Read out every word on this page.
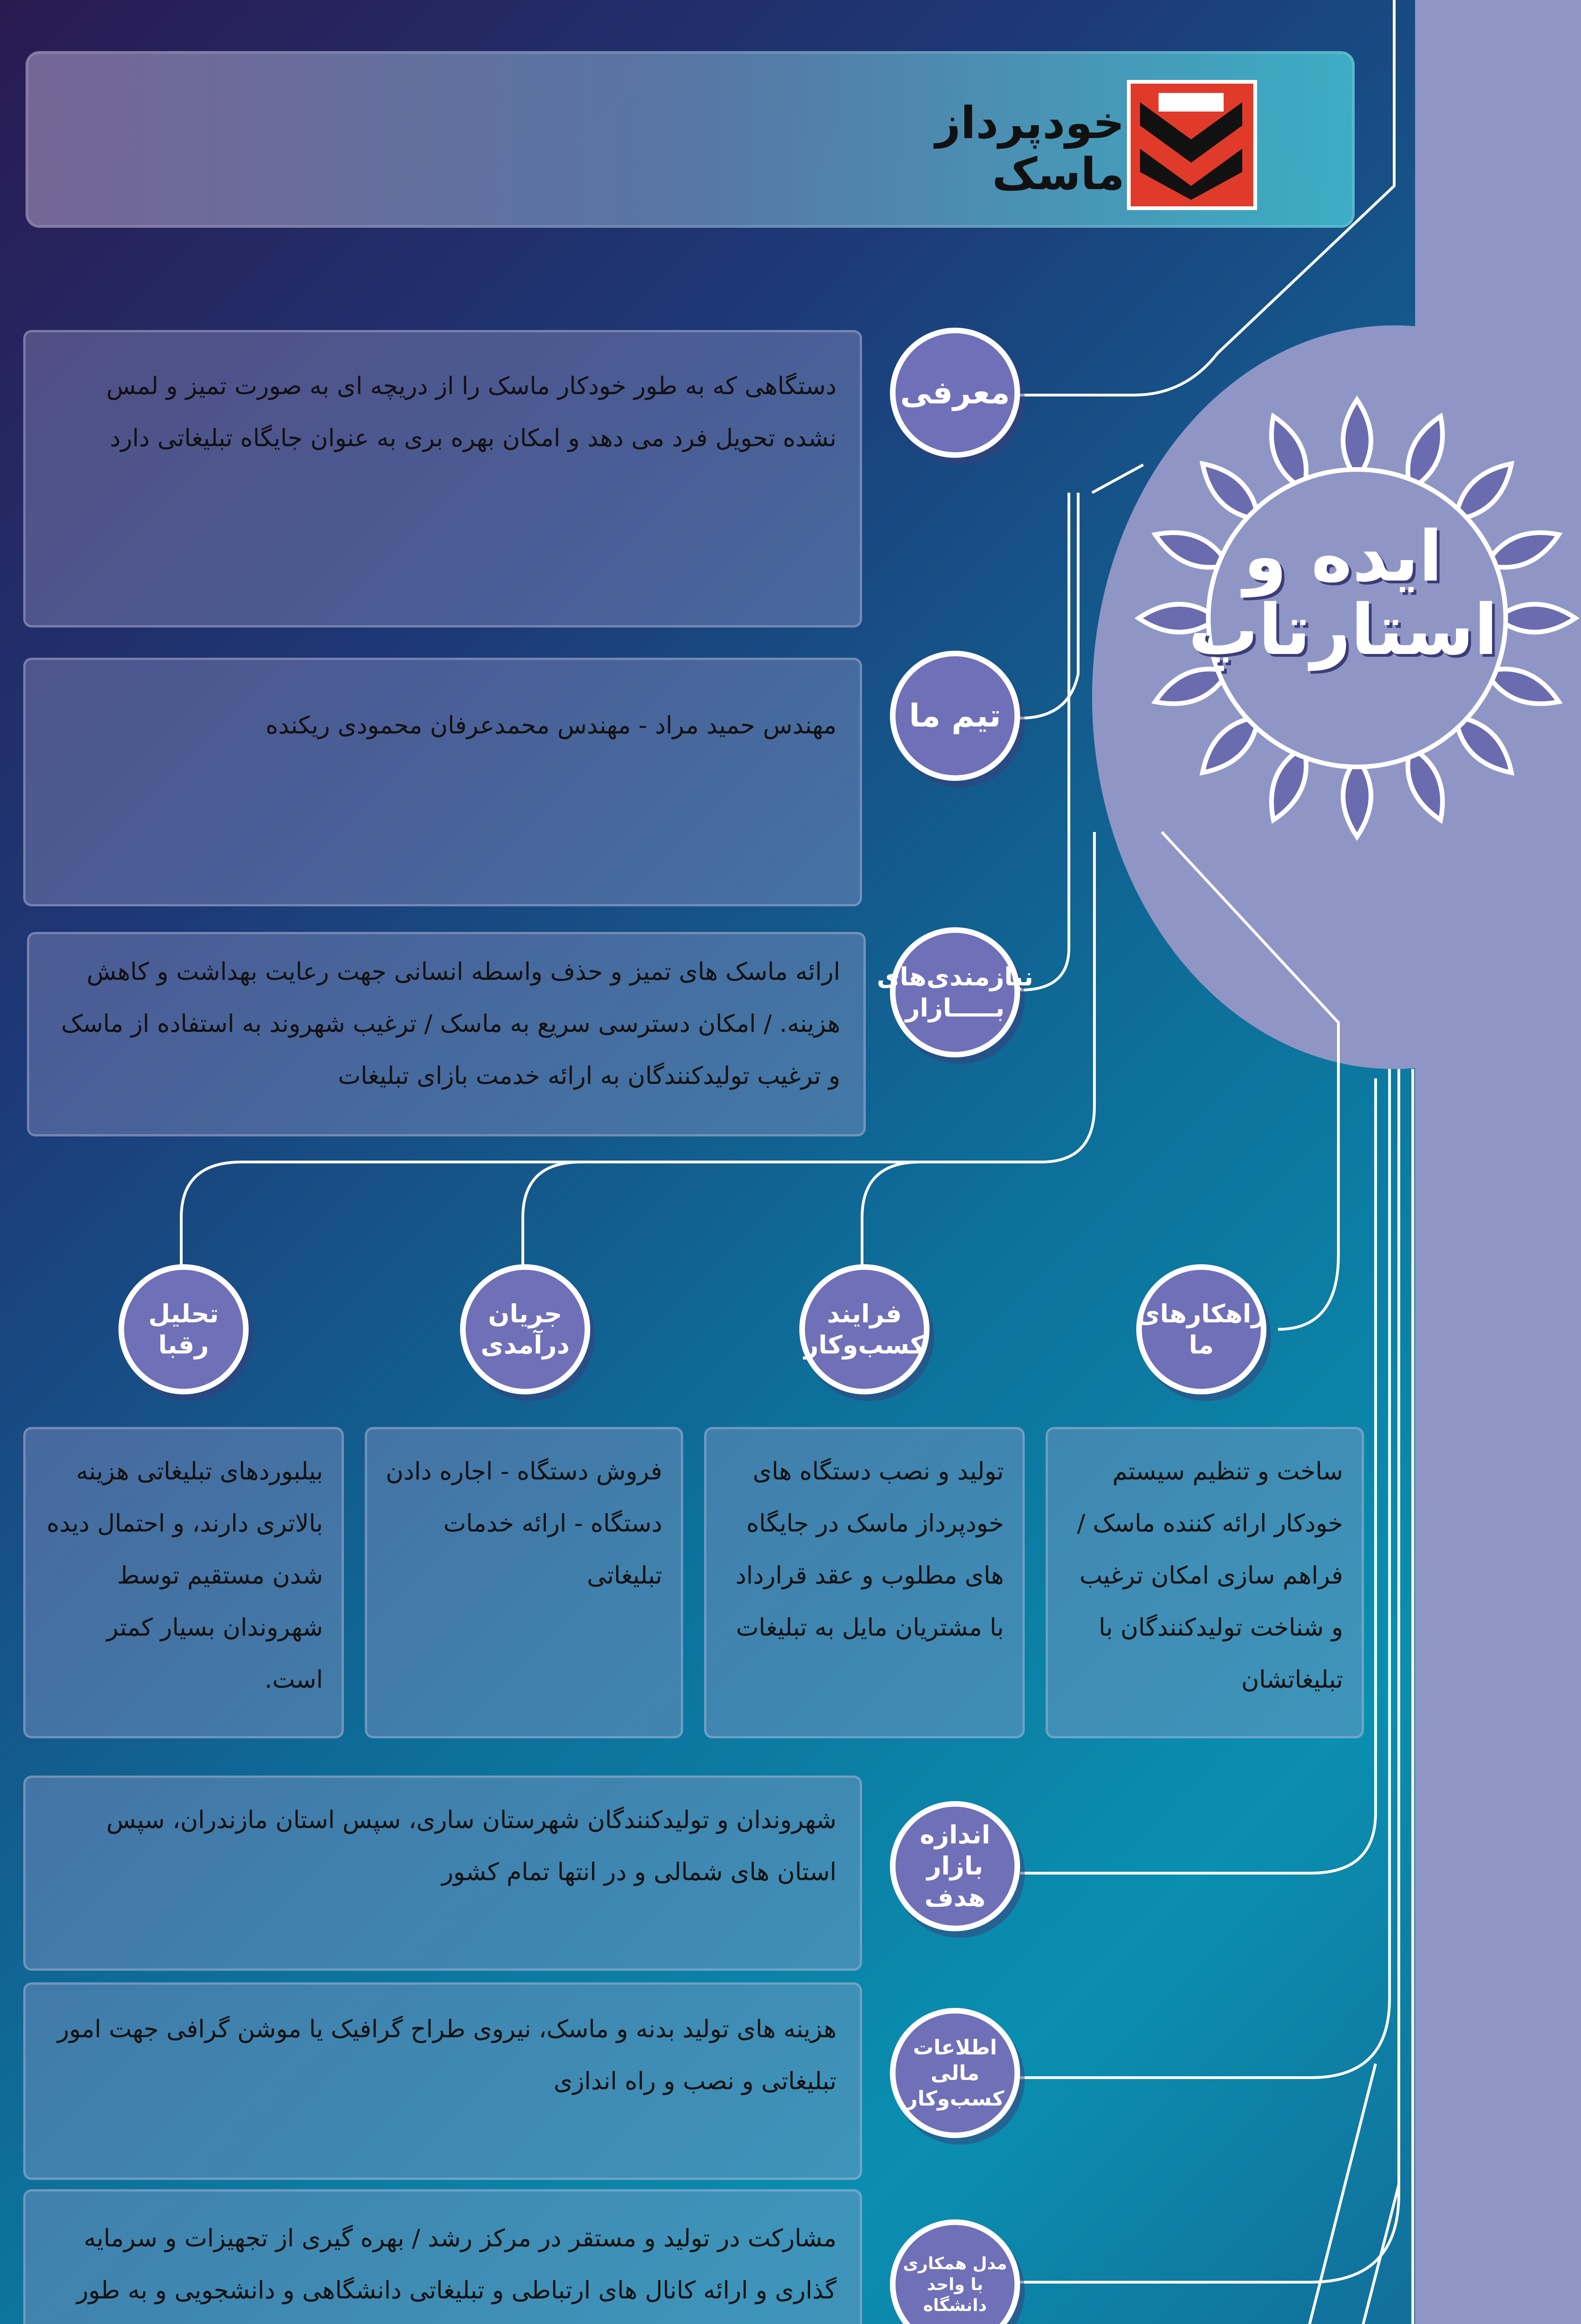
خودپرداز ماسک
ایده و
استارتاپ
دستگاهی که به طور خودکار ماسک را از دریچه ای به صورت تمیز و لمس نشده تحویل فرد می دهد و امکان بهره بری به عنوان جایگاه تبلیغاتی دارد
معرفی
مهندس حمید مراد - مهندس محمدعرفان محمودی ریکنده	تیم ما
ارائه ماسک های تمیز و حذف واسطه انسانی جهت رعایت بهداشت و کاهش هزینه. / امکان دسترسی سریع به ماسک / ترغیب شهروند به استفاده از ماسک و ترغیب تولیدکنندگان به ارائه خدمت بازای تبلیغات
نیازمندی‌های بـــــازار
راهکارهای ما
فرایند کسب‌وکار
جریان درآمدی
تحلیل رقبا
ساخت و تنظیم سیستم خودکار ارائه کننده ماسک / فراهم سازی امکان ترغیب و شناخت تولیدکنندگان با تبلیغاتشان
تولید و نصب دستگاه های خودپرداز ماسک در جایگاه های مطلوب و عقد قرارداد با مشتریان مایل به تبلیغات
فروش دستگاه - اجاره دادن دستگاه - ارائه خدمات تبلیغاتی
بیلبوردهای تبلیغاتی هزینه بالاتری دارند، و احتمال دیده شدن مستقیم توسط شهروندان بسیار کمتر است.
شهروندان و تولیدکنندگان شهرستان ساری، سپس استان مازندران، سپس استان های شمالی و در انتها تمام کشور
اندازه بازار هدف
هزینه های تولید بدنه و ماسک، نیروی طراح گرافیک یا موشن گرافی جهت امور تبلیغاتی و نصب و راه اندازی
اطلاعات مالی کسب‌وکار
مشارکت در تولید و مستقر در مرکز رشد / بهره گیری از تجهیزات و سرمایه گذاری و ارائه کانال های ارتباطی و تبلیغاتی دانشگاهی و دانشجویی و به طور
مدل همکاری با واحد دانشگاه
